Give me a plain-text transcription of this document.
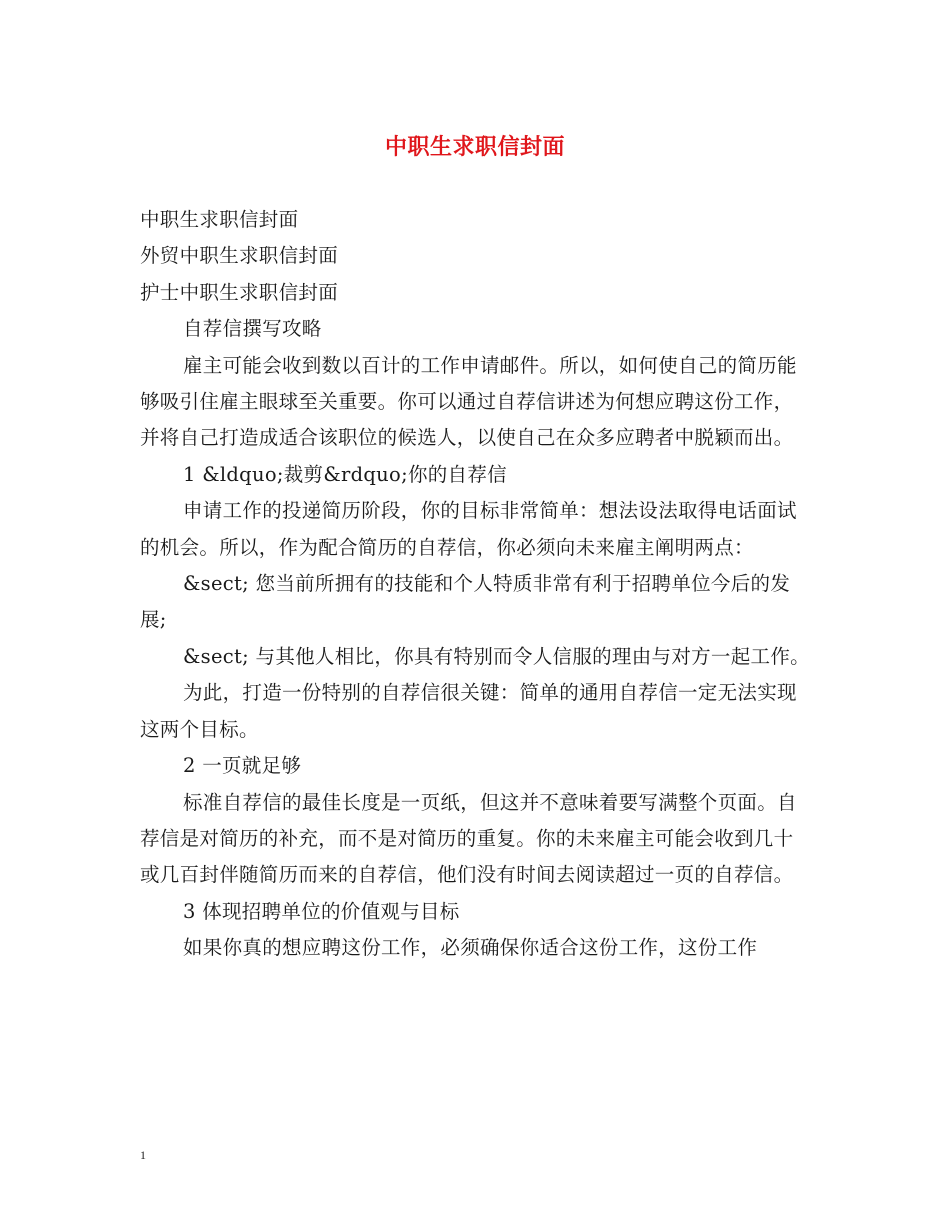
中职生求职信封面

中职生求职信封面

外贸中职生求职信封面

护士中职生求职信封面

自荐信撰写攻略

雇主可能会收到数以百计的工作申请邮件。所以，如何使自己的简历能够吸引住雇主眼球至关重要。你可以通过自荐信讲述为何想应聘这份工作，并将自己打造成适合该职位的候选人，以使自己在众多应聘者中脱颖而出。

1 &ldquo;裁剪&rdquo;你的自荐信

申请工作的投递简历阶段，你的目标非常简单：想法设法取得电话面试的机会。所以，作为配合简历的自荐信，你必须向未来雇主阐明两点：

&sect; 您当前所拥有的技能和个人特质非常有利于招聘单位今后的发展;

&sect; 与其他人相比，你具有特别而令人信服的理由与对方一起工作。

为此，打造一份特别的自荐信很关键：简单的通用自荐信一定无法实现这两个目标。

2 一页就足够

标准自荐信的最佳长度是一页纸，但这并不意味着要写满整个页面。自荐信是对简历的补充，而不是对简历的重复。你的未来雇主可能会收到几十或几百封伴随简历而来的自荐信，他们没有时间去阅读超过一页的自荐信。

3 体现招聘单位的价值观与目标

如果你真的想应聘这份工作，必须确保你适合这份工作，这份工作

1
